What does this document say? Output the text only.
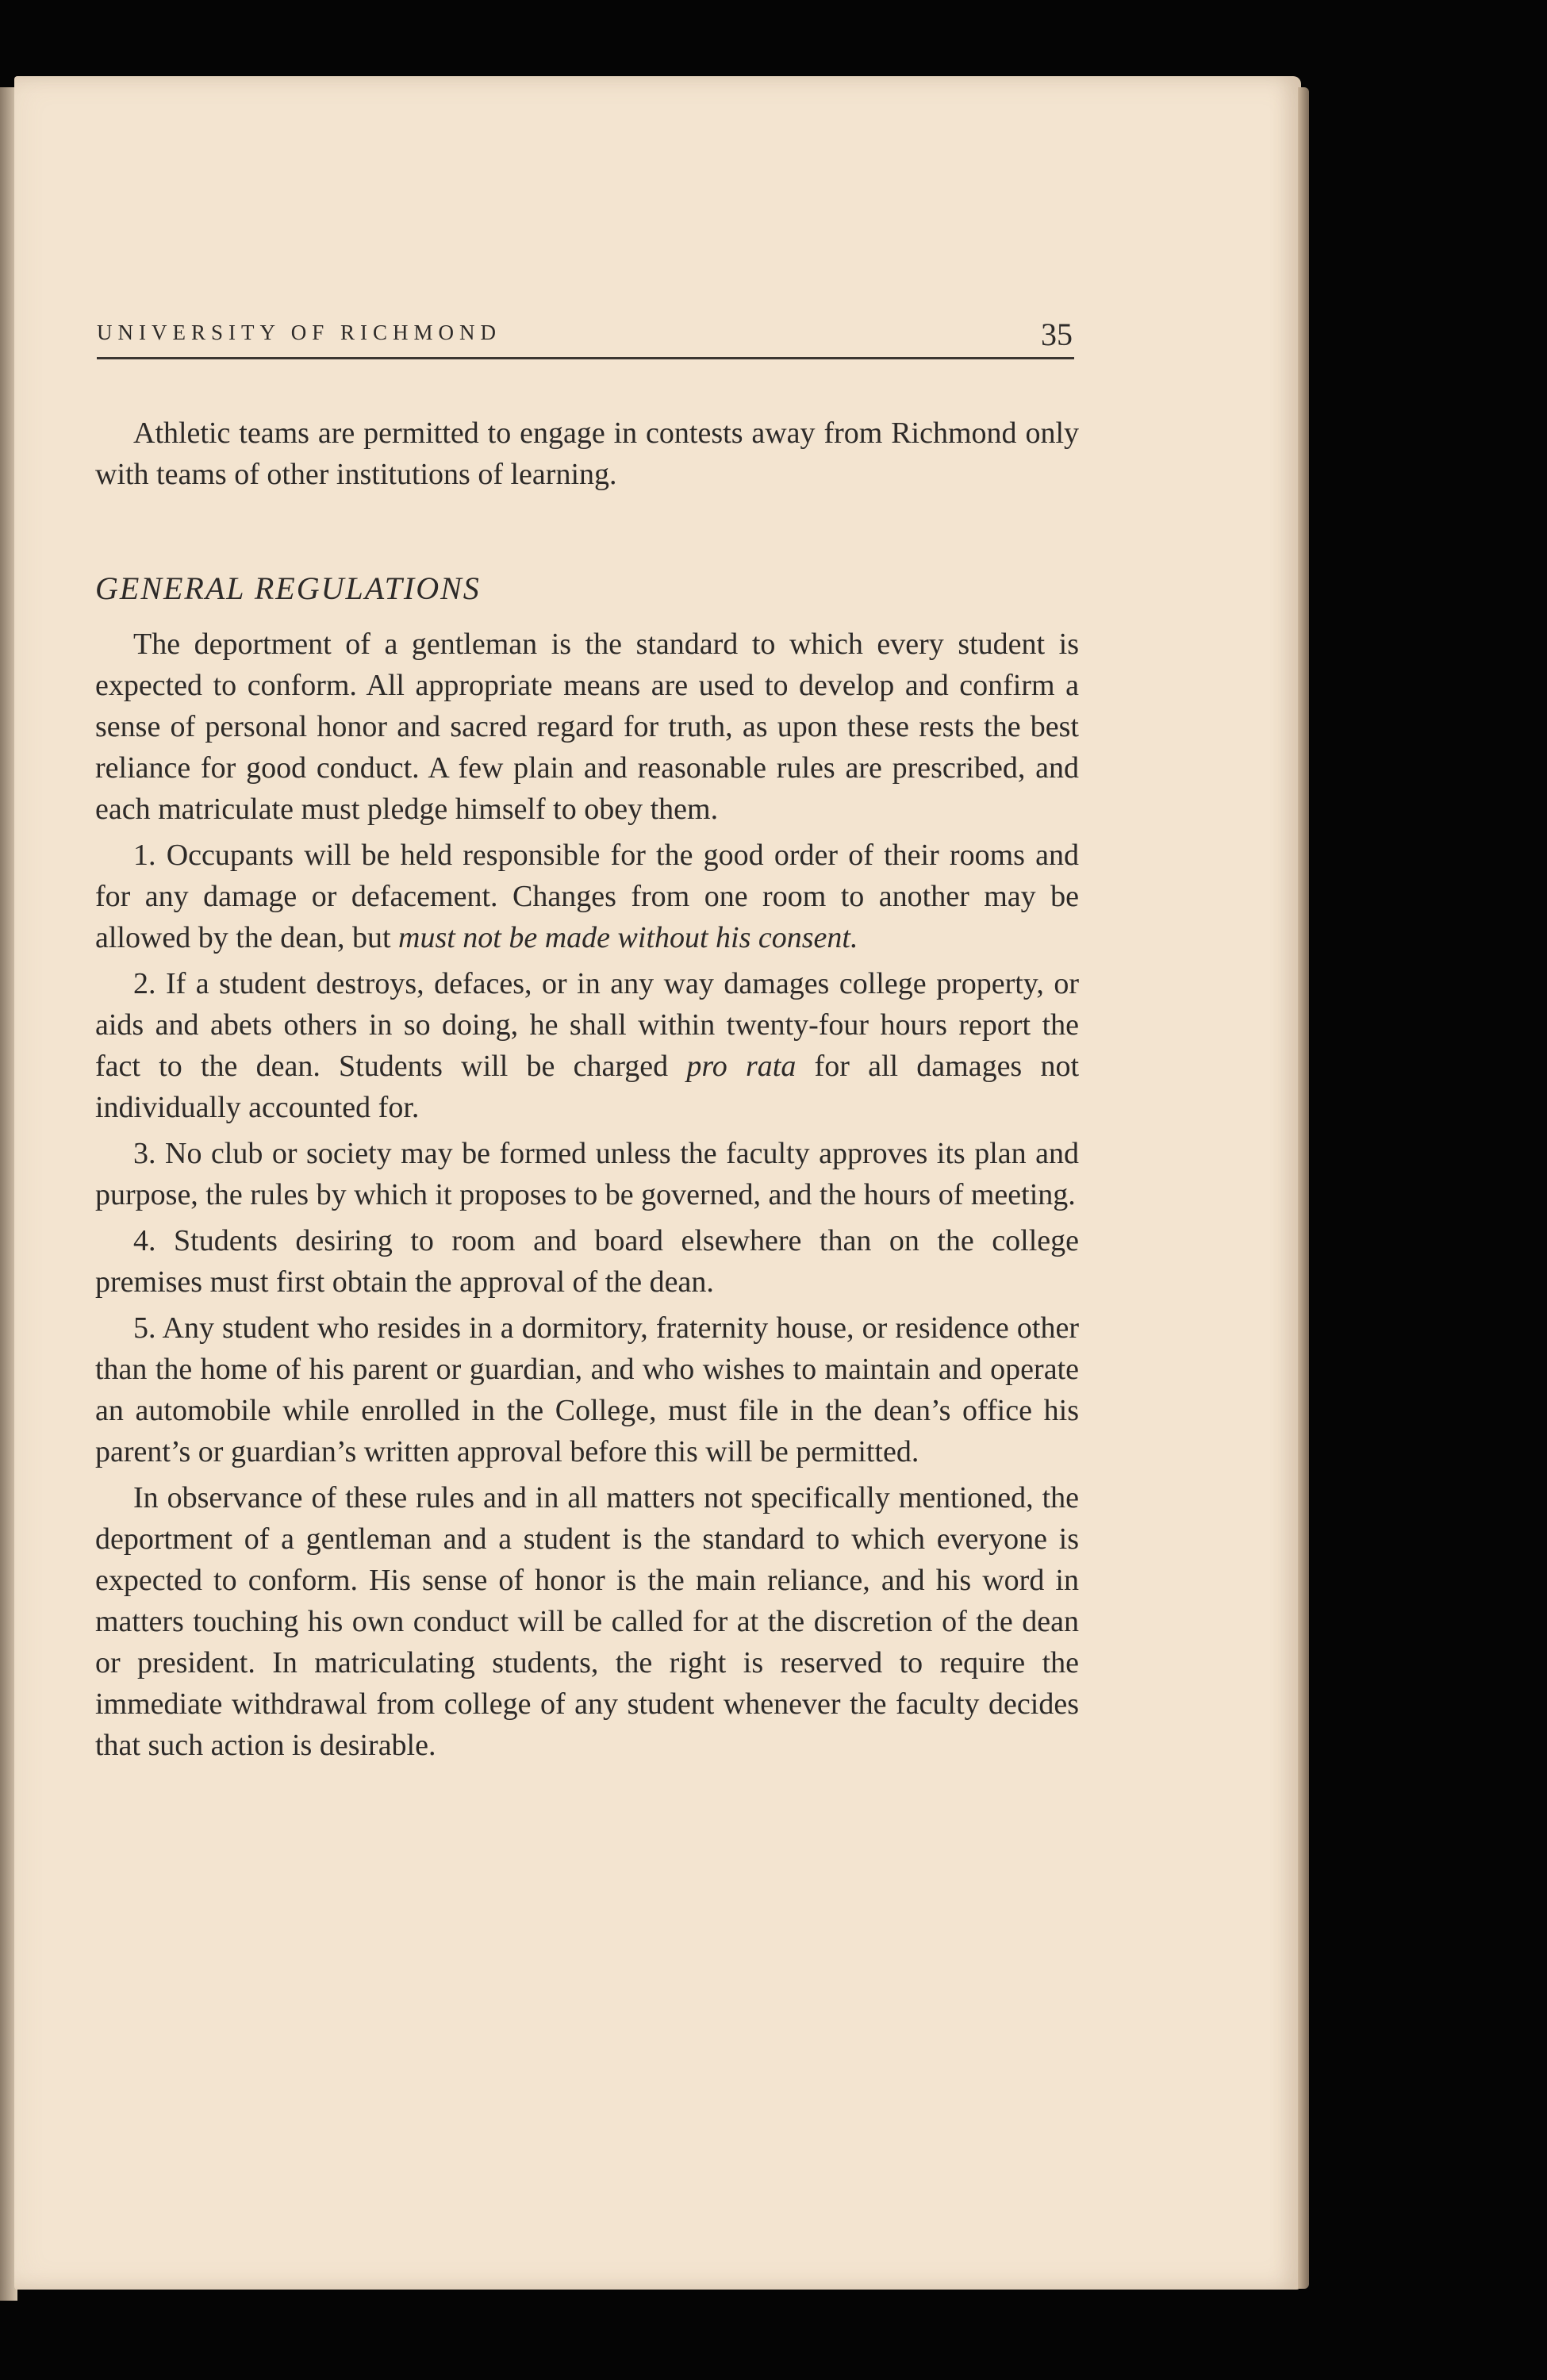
UNIVERSITY OF RICHMOND	35

Athletic teams are permitted to engage in contests away from Richmond only with teams of other institutions of learning.

GENERAL REGULATIONS

The deportment of a gentleman is the standard to which every student is expected to conform. All appropriate means are used to develop and confirm a sense of personal honor and sacred regard for truth, as upon these rests the best reliance for good conduct. A few plain and reasonable rules are prescribed, and each matriculate must pledge himself to obey them.

1. Occupants will be held responsible for the good order of their rooms and for any damage or defacement. Changes from one room to another may be allowed by the dean, but must not be made without his consent.

2. If a student destroys, defaces, or in any way damages college property, or aids and abets others in so doing, he shall within twenty-four hours report the fact to the dean. Students will be charged pro rata for all damages not individually accounted for.

3. No club or society may be formed unless the faculty approves its plan and purpose, the rules by which it proposes to be governed, and the hours of meeting.

4. Students desiring to room and board elsewhere than on the college premises must first obtain the approval of the dean.

5. Any student who resides in a dormitory, fraternity house, or residence other than the home of his parent or guardian, and who wishes to maintain and operate an automobile while enrolled in the College, must file in the dean’s office his parent’s or guardian’s written approval before this will be permitted.

In observance of these rules and in all matters not specifically mentioned, the deportment of a gentleman and a student is the standard to which everyone is expected to conform. His sense of honor is the main reliance, and his word in matters touching his own conduct will be called for at the discretion of the dean or president. In matriculating students, the right is reserved to require the immediate withdrawal from college of any student whenever the faculty decides that such action is desirable.
